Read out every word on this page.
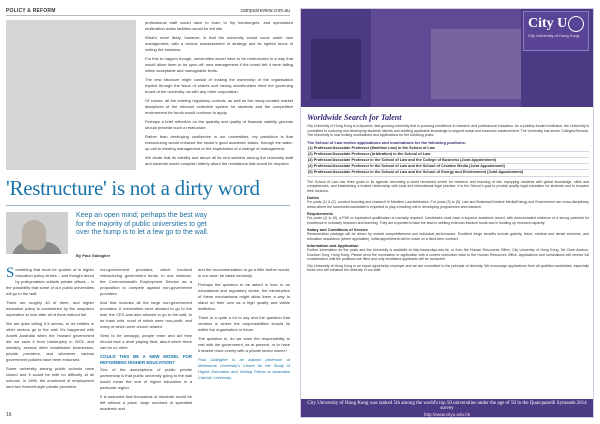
POLICY & REFORM	campusreview.com.au

professional staff would have to learn to flip hamburgers, and specialised multimillion-dollar facilities would be left idle.

What's more likely, however, is that the university would come under new management, with a vicious reassessment of strategy and its rightful focus of cutting the business.

For this to happen though, universities would have to be restructured in a way that would allow them to be spun-off: new management if the board felt it were falling within acceptable and manageable limits.

The new structure might consist of making the ownership of the organisation explicit through the issue of shares and having shareholders elect the governing board of the university, as with any other corporation.

Of course, all the existing regulatory controls, as well as the newly-created market disciplines of the relevant collective system for students and the competitive environment for funds would continue to apply.

Perhaps a brief reflection on the quantity and quality of financial viability grounds should precede such a restructure.

Rather than destroying confidence in our universities, my prediction is that restructuring would enhance the sector's good academic status, through the wake-up call to existing management or the expectation of a change of management.

We doubt that its viability and above all its rent seekers among the university staff and students would complain bitterly about the revelations that would be required.

'Restructure' is not a dirty word
Keep an open mind; perhaps the best way for the majority of public universities to get over the hump is to let a few go to the wall.
By Paul Gallagher

Something that must be spoken of in higher education policy circles – and thought about by policymakers outside private offices – is the possibility that some of our public universities will go to the wall.

There are roughly 40 of them, and higher education policy is constrained by the unspoken imperative to look after all of them without fail.

We are quite willing if it seems, to let entities in other sectors go to the wall. It's happened with Ansett Australia when the Howard government did not save it from bankruptcy in 2001, and similarly, several other established businesses, private providers, and whenever various government policies have been endorsed.

Some university among public schools have closed and it would be with no difficulty at all schools. In 1996, the enrolment of employment sent two Kennett-style private providers.

non-government providers, which involved restructuring government funds. In one instance, the Commonwealth Employment Service as a proposition to compete against non-government providers.

And that includes all the large non-government providers. If universities were allowed to go to the wall, the CES was also allowed to go to the wall, to be frank with, most of which were non-profit, and many of which were church related.

Seek to be unhappy, people enter and act they should face a level playing field, about which there can be no other.

COULD THIS BE A NEW MODEL FOR REFORMING HIGHER EDUCATION?

One of the assumptions of public private partnership is that public university going to the wall would mean the end of higher education in a particular region.

It is assumed that thousands of students would be left without a place, large numbers of specialist academic and

and the recommendation to go a little further would, in our case, be taken seriously.

Perhaps the question to be asked is how, in an educational and regulatory sense, the introduction of these mechanisms might allow them a way to stand on their own as a high quality and viable institution.

There is a quite a lot to say and the question that remains is where the responsibilities should lie within the organisation in future.

The question is, do we want the responsibility to rest with the government, as at present, or to have it shared more evenly with a private sector owner?

Paul Gallagher is an adjunct professor at Melbourne University's Centre for the Study of Higher Education and Visiting Fellow at Australian Catholic University.

16
City U
City University of Hong Kong
Worldwide Search for Talent
City University of Hong Kong is a dynamic, fast-growing university that is pursuing excellence in research and professional education. As a publicly-funded institution, the University is committed to nurturing and developing students' talents and creating applicable knowledge to support social and economic advancement. The University has seven Colleges/Schools. The University is now inviting nominations and applications for the following posts:
The School of Law invites applications and nominations for the following positions:
(1) Professor/Associate Professor (Maritime Law) in the School of Law
(2) Professor/Associate Professor (Arbitration) in the School of Law
(3) Professor/Associate Professor in the School of Law and the College of Business (Joint Appointment)
(4) Professor/Associate Professor in the School of Law and the School of Creative Media (Joint Appointment)
(5) Professor/Associate Professor in the School of Law and the School of Energy and Environment (Joint Appointment)
The School of Law has three goals in its agenda: becoming a world renowned centre for research and teaching of law, equipping students with global knowledge, skills and competencies, and establishing a trusted relationship with local and international legal practice. It is the School's goal to provide quality legal education for students and to broaden their horizons.
Duties
For posts (1) & (2), conduct teaching and research in Maritime Law/Arbitration. For posts (3) to (5), Law and Business/Creative Media/Energy and Environment are cross-disciplinary areas where the successful candidate is expected to play a leading role in developing programmes and research.
Requirements
For posts (1) to (5), a PhD or equivalent qualification is normally required. Candidates must have a superior academic record, with demonstrated evidence of a strong potential for excellence in scholarly research and teaching. They are expected to take the lead in seeking external research funds and in building up research capacity.
Salary and Conditions of Service
Remuneration package will be driven by market competitiveness and individual performance. Excellent fringe benefits include gratuity, leave, medical and dental schemes, and relocation assistance (where applicable). Initial appointment will be made on a fixed-term contract.
Information and Application
Further information on the posts and the University is available at http://www.cityu.edu.hk, or from the Human Resources Office, City University of Hong Kong, Tat Chee Avenue, Kowloon Tong, Hong Kong. Please send the nomination or application with a current curriculum vitae to the Human Resources Office. Applications and nominations will receive full consideration until the positions are filled and only shortlisted applicants will be contacted.
City University of Hong Kong is an equal opportunity employer and we are committed to the principle of diversity. We encourage applications from all qualified candidates, especially those who will enhance the diversity of our staff.
City University of Hong Kong was ranked 5th among the world's top 50 universities under the age of 50 in the Quacquarelli Symonds 2014 survey
http://www.cityu.edu.hk
